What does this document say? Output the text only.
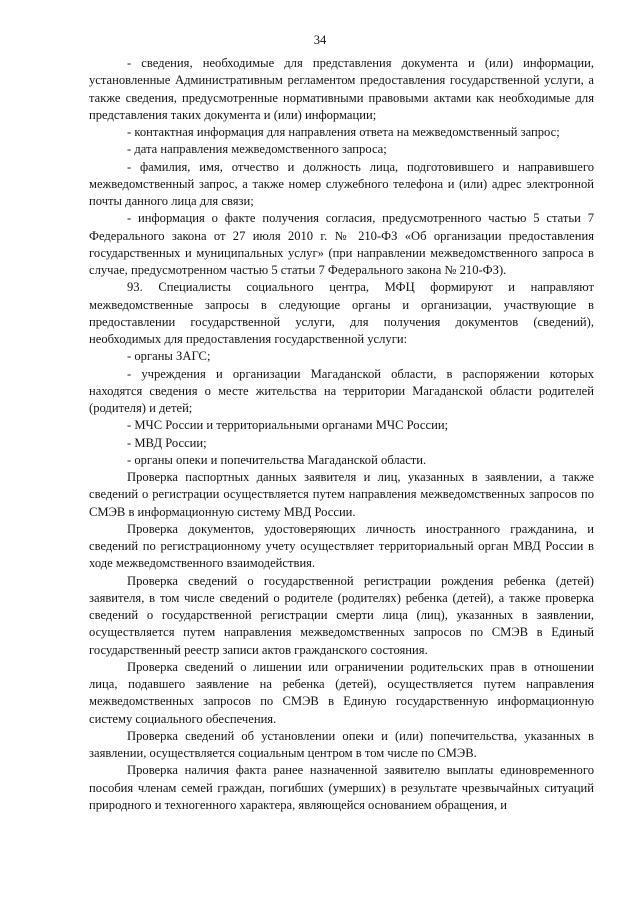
34

- сведения, необходимые для представления документа и (или) информации, установленные Административным регламентом предоставления государственной услуги, а также сведения, предусмотренные нормативными правовыми актами как необходимые для представления таких документа и (или) информации;

- контактная информация для направления ответа на межведомственный запрос;

- дата направления межведомственного запроса;

- фамилия, имя, отчество и должность лица, подготовившего и направившего межведомственный запрос, а также номер служебного телефона и (или) адрес электронной почты данного лица для связи;

- информация о факте получения согласия, предусмотренного частью 5 статьи 7 Федерального закона от 27 июля 2010 г. № 210-ФЗ «Об организации предоставления государственных и муниципальных услуг» (при направлении межведомственного запроса в случае, предусмотренном частью 5 статьи 7 Федерального закона № 210-ФЗ).

93. Специалисты социального центра, МФЦ формируют и направляют межведомственные запросы в следующие органы и организации, участвующие в предоставлении государственной услуги, для получения документов (сведений), необходимых для предоставления государственной услуги:

- органы ЗАГС;

- учреждения и организации Магаданской области, в распоряжении которых находятся сведения о месте жительства на территории Магаданской области родителей (родителя) и детей;

- МЧС России и территориальными органами МЧС России;

- МВД России;

- органы опеки и попечительства Магаданской области.

Проверка паспортных данных заявителя и лиц, указанных в заявлении, а также сведений о регистрации осуществляется путем направления межведомственных запросов по СМЭВ в информационную систему МВД России.

Проверка документов, удостоверяющих личность иностранного гражданина, и сведений по регистрационному учету осуществляет территориальный орган МВД России в ходе межведомственного взаимодействия.

Проверка сведений о государственной регистрации рождения ребенка (детей) заявителя, в том числе сведений о родителе (родителях) ребенка (детей), а также проверка сведений о государственной регистрации смерти лица (лиц), указанных в заявлении, осуществляется путем направления межведомственных запросов по СМЭВ в Единый государственный реестр записи актов гражданского состояния.

Проверка сведений о лишении или ограничении родительских прав в отношении лица, подавшего заявление на ребенка (детей), осуществляется путем направления межведомственных запросов по СМЭВ в Единую государственную информационную систему социального обеспечения.

Проверка сведений об установлении опеки и (или) попечительства, указанных в заявлении, осуществляется социальным центром в том числе по СМЭВ.

Проверка наличия факта ранее назначенной заявителю выплаты единовременного пособия членам семей граждан, погибших (умерших) в результате чрезвычайных ситуаций природного и техногенного характера, являющейся основанием обращения, и
